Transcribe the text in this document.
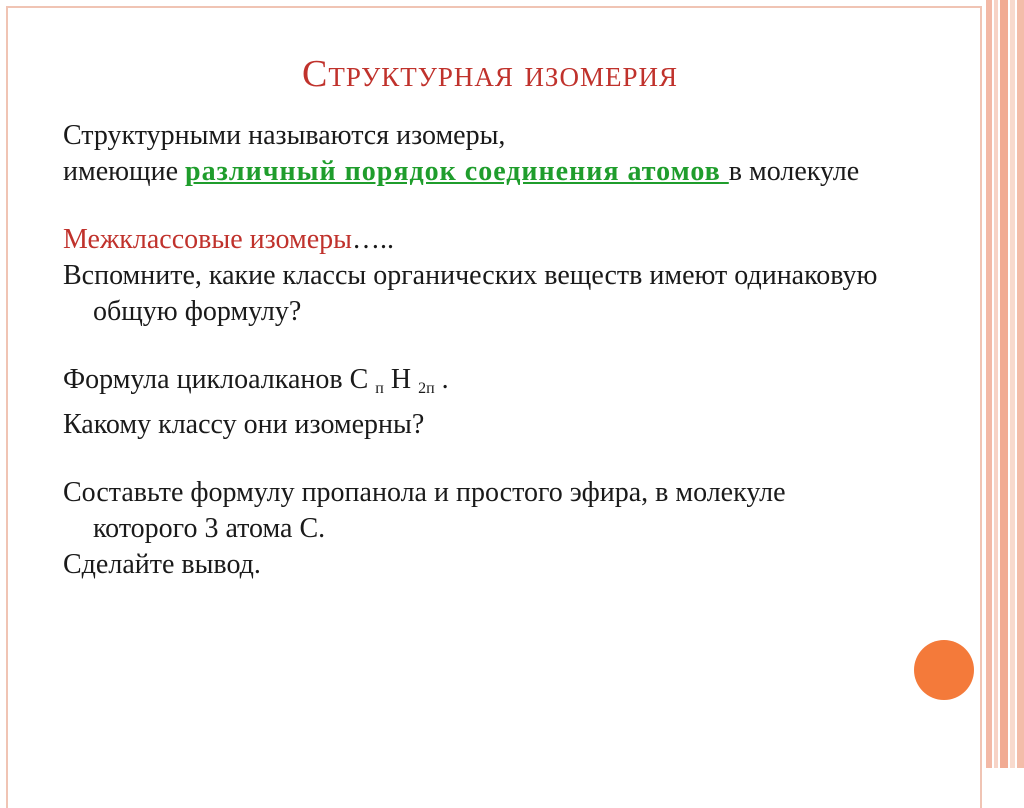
Структурная изомерия

Структурными называются изомеры,

имеющие различный порядок соединения атомов в молекуле

Межклассовые изомеры…..

Вспомните, какие классы органических веществ имеют одинаковую общую формулу?

Формула циклоалканов С $_п$ Н $_{2п}$ .

Какому классу они изомерны?

Составьте формулу пропанола и простого эфира, в молекуле которого 3 атома С.

Сделайте вывод.
